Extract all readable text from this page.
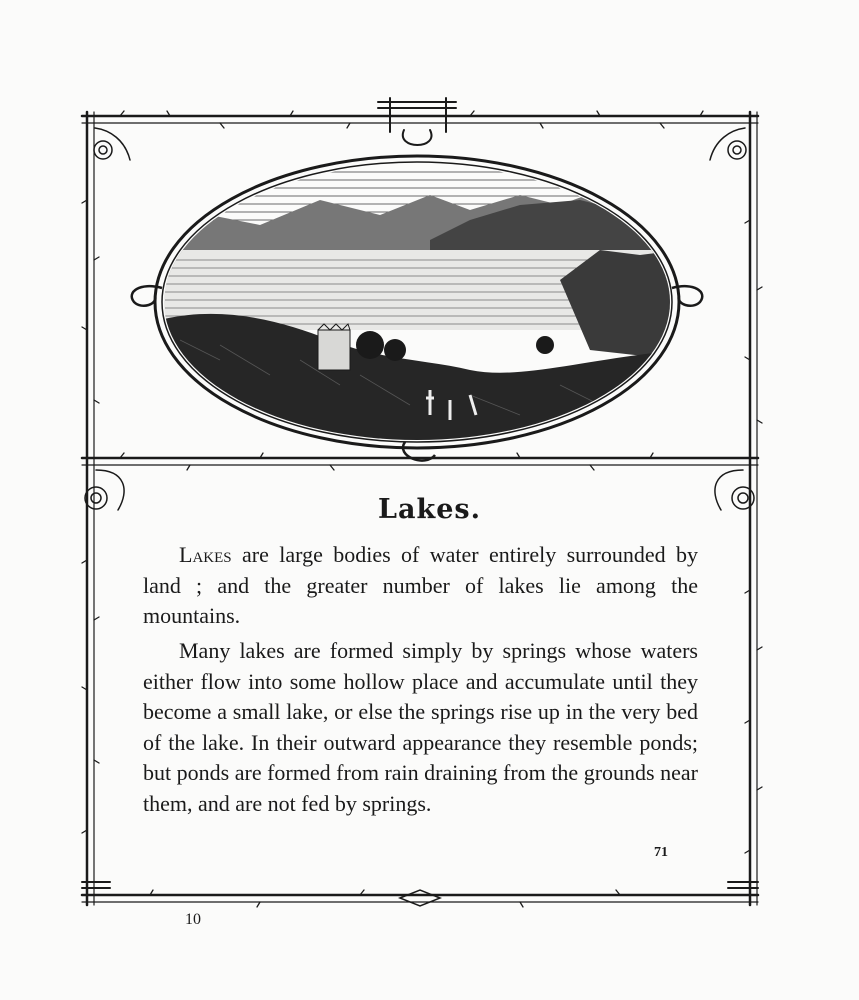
Lakes.

Lakes are large bodies of water entirely surrounded by land ; and the greater number of lakes lie among the mountains.

Many lakes are formed simply by springs whose waters either flow into some hollow place and accumulate until they become a small lake, or else the springs rise up in the very bed of the lake. In their outward appearance they resemble ponds; but ponds are formed from rain draining from the grounds near them, and are not fed by springs.

71
10
